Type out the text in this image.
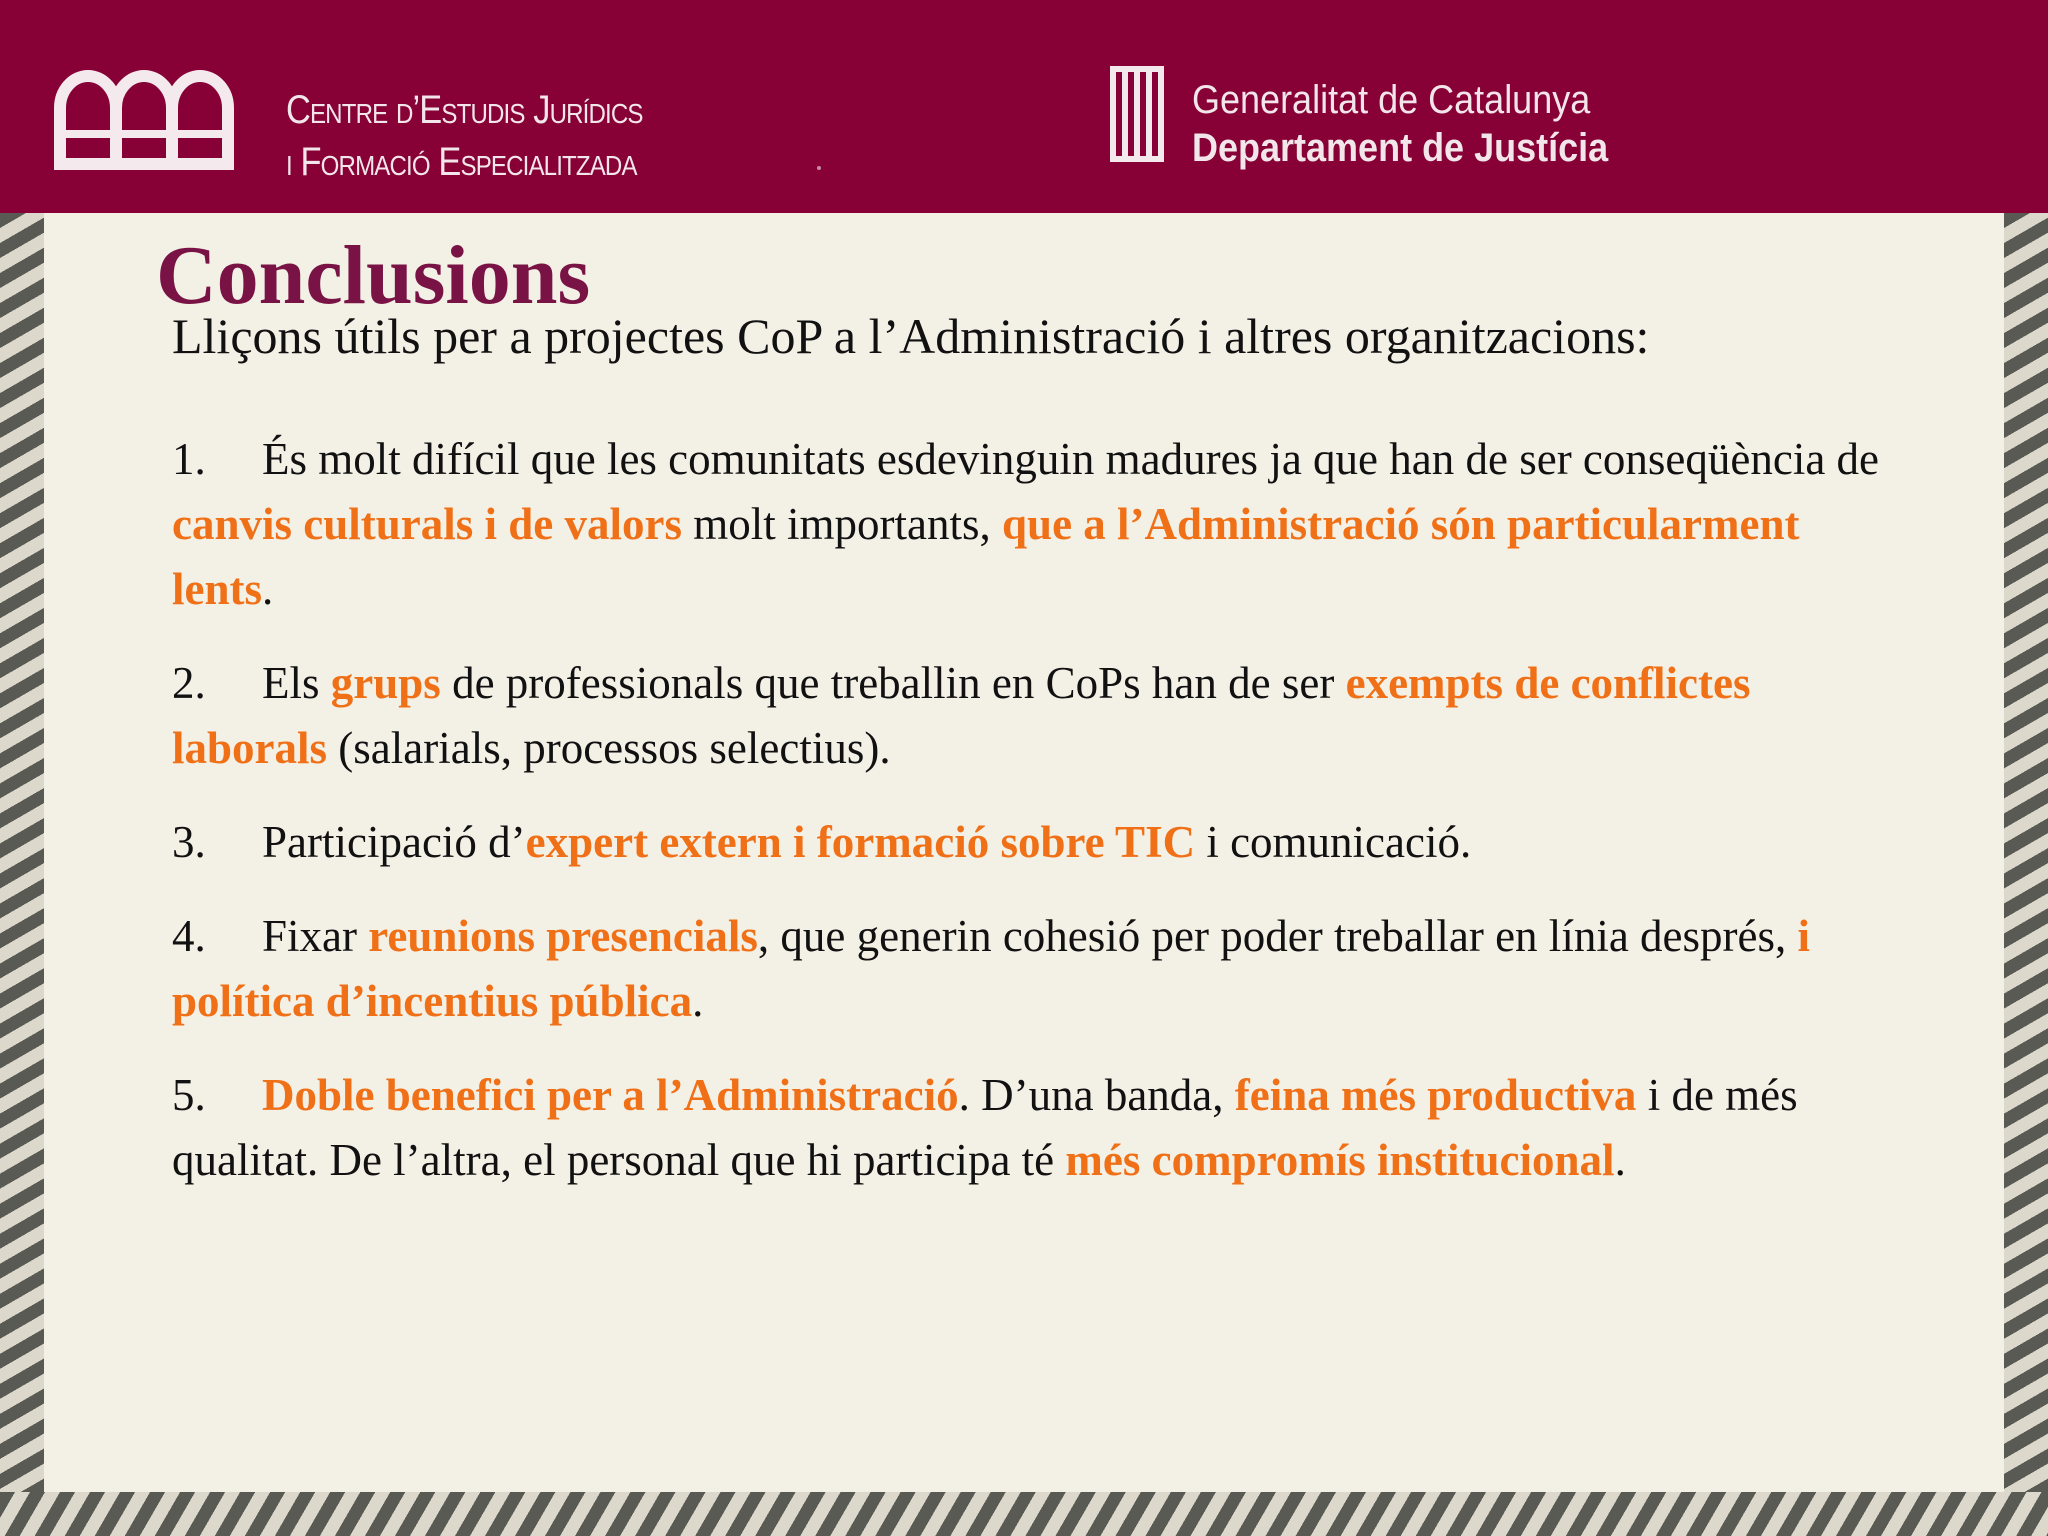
Centre d’Estudis Jurídics
i Formació Especialitzada
Generalitat de Catalunya
Departament de Justícia
Conclusions
Lliçons útils per a projectes CoP a l’Administració i altres organitzacions:

1. És molt difícil que les comunitats esdevinguin madures ja que han de ser conseqüència de canvis culturals i de valors molt importants, que a l’Administració són particularment lents.

2. Els grups de professionals que treballin en CoPs han de ser exempts de conflictes laborals (salarials, processos selectius).

3. Participació d’expert extern i formació sobre TIC i comunicació.

4. Fixar reunions presencials, que generin cohesió per poder treballar en línia després, i política d’incentius pública.

5. Doble benefici per a l’Administració. D’una banda, feina més productiva i de més qualitat. De l’altra, el personal que hi participa té més compromís institucional.
